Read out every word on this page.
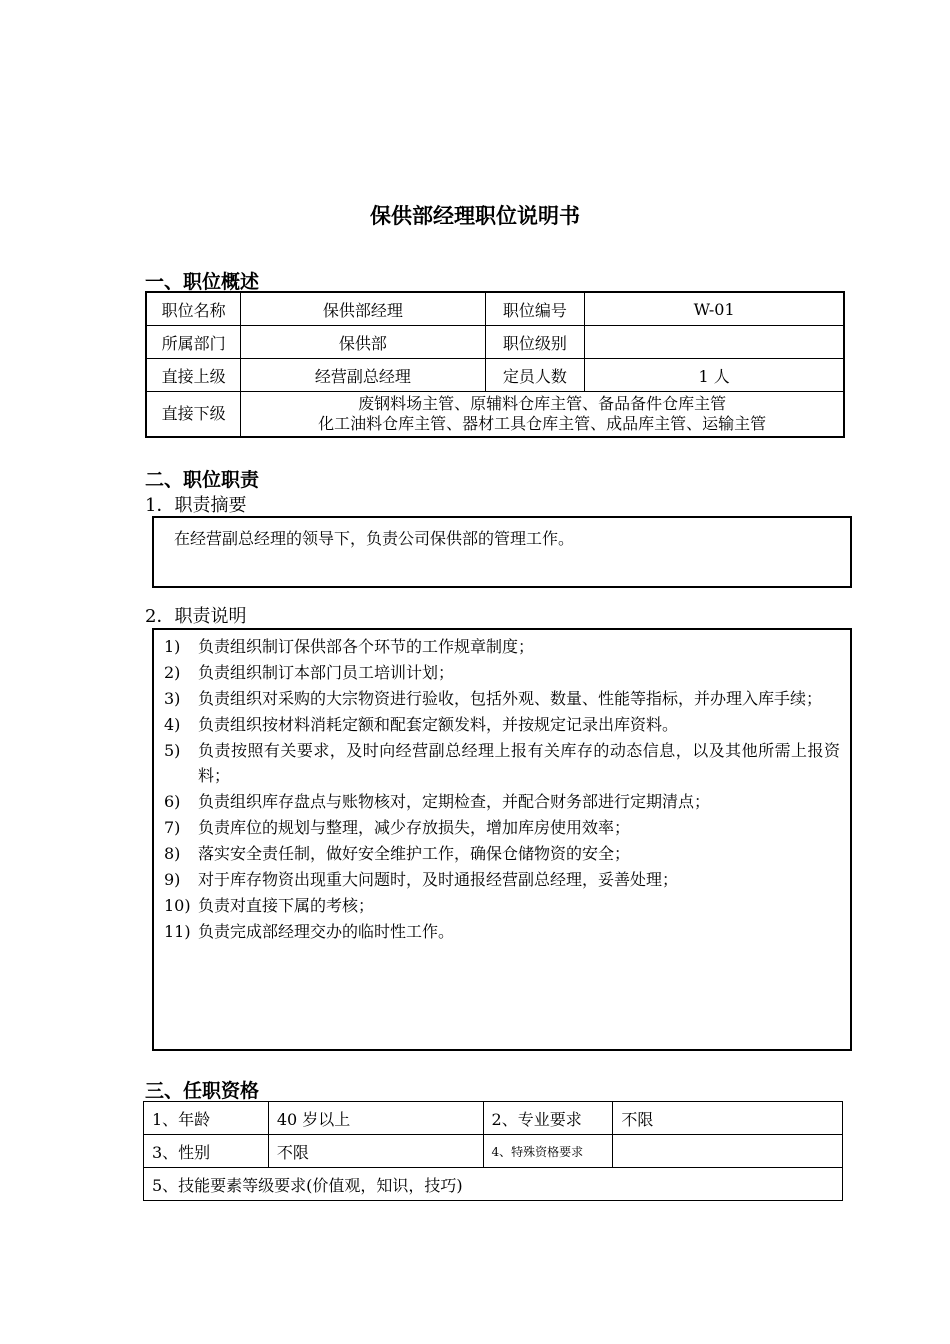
保供部经理职位说明书
一、职位概述
职位名称	保供部经理	职位编号	W-01
所属部门	保供部	职位级别	
直接上级	经营副总经理	定员人数	1 人
直接下级	废钢料场主管、原辅料仓库主管、备品备件仓库主管
化工油料仓库主管、器材工具仓库主管、成品库主管、运输主管		
二、职位职责
1．职责摘要
在经营副总经理的领导下，负责公司保供部的管理工作。
2．职责说明
1)	负责组织制订保供部各个环节的工作规章制度；
2)	负责组织制订本部门员工培训计划；
3)	负责组织对采购的大宗物资进行验收，包括外观、数量、性能等指标，并办理入库手续；
4)	负责组织按材料消耗定额和配套定额发料，并按规定记录出库资料。
5)	负责按照有关要求，及时向经营副总经理上报有关库存的动态信息，以及其他所需上报资料；
6)	负责组织库存盘点与账物核对，定期检查，并配合财务部进行定期清点；
7)	负责库位的规划与整理，减少存放损失，增加库房使用效率；
8)	落实安全责任制，做好安全维护工作，确保仓储物资的安全；
9)	对于库存物资出现重大问题时，及时通报经营副总经理，妥善处理；
10) 负责对直接下属的考核；
11) 负责完成部经理交办的临时性工作。
三、任职资格
1、年龄	40 岁以上	2、专业要求	不限
3、性别	不限	4、特殊资格要求	
5、技能要素等级要求(价值观，知识，技巧)			
